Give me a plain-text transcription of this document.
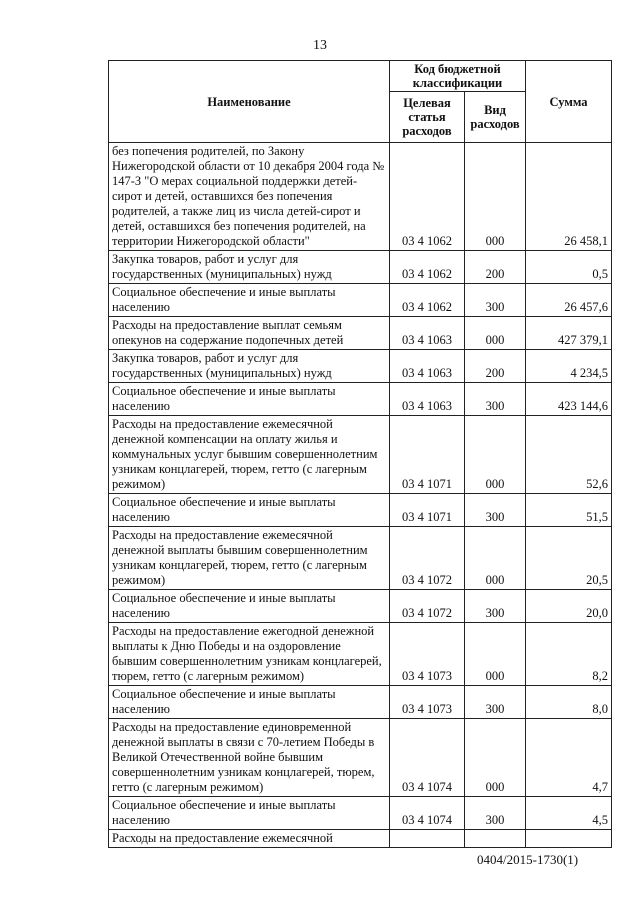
13
Наименование	Код бюджетной классификации		Сумма
	Целевая статья расходов	Вид расходов	
без попечения родителей, по Закону Нижегородской области от 10 декабря 2004 года № 147-З "О мерах социальной поддержки детей-сирот и детей, оставшихся без попечения родителей, а также лиц из числа детей-сирот и детей, оставшихся без попечения родителей, на территории Нижегородской области"	03 4 1062	000	26 458,1
Закупка товаров, работ и услуг для государственных (муниципальных) нужд	03 4 1062	200	0,5
Социальное обеспечение и иные выплаты населению	03 4 1062	300	26 457,6
Расходы на предоставление выплат семьям опекунов на содержание подопечных детей	03 4 1063	000	427 379,1
Закупка товаров, работ и услуг для государственных (муниципальных) нужд	03 4 1063	200	4 234,5
Социальное обеспечение и иные выплаты населению	03 4 1063	300	423 144,6
Расходы на предоставление ежемесячной денежной компенсации на оплату жилья и коммунальных услуг бывшим совершеннолетним узникам концлагерей, тюрем, гетто (с лагерным режимом)	03 4 1071	000	52,6
Социальное обеспечение и иные выплаты населению	03 4 1071	300	51,5
Расходы на предоставление ежемесячной денежной выплаты бывшим совершеннолетним узникам концлагерей, тюрем, гетто (с лагерным режимом)	03 4 1072	000	20,5
Социальное обеспечение и иные выплаты населению	03 4 1072	300	20,0
Расходы на предоставление ежегодной денежной выплаты к Дню Победы и на оздоровление бывшим совершеннолетним узникам концлагерей, тюрем, гетто (с лагерным режимом)	03 4 1073	000	8,2
Социальное обеспечение и иные выплаты населению	03 4 1073	300	8,0
Расходы на предоставление единовременной денежной выплаты в связи с 70-летием Победы в Великой Отечественной войне бывшим совершеннолетним узникам концлагерей, тюрем, гетто (с лагерным режимом)	03 4 1074	000	4,7
Социальное обеспечение и иные выплаты населению	03 4 1074	300	4,5
Расходы на предоставление ежемесячной			
0404/2015-1730(1)
